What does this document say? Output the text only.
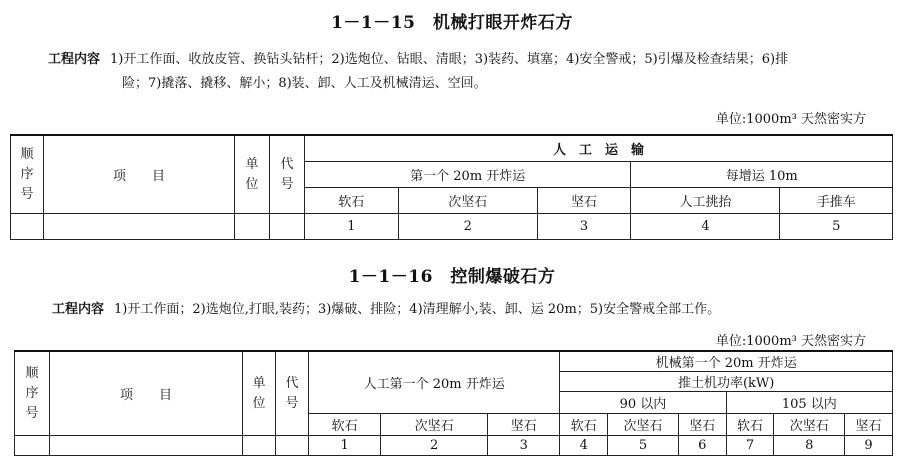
1－1－15　机械打眼开炸石方
工程内容 1)开工作面、收放皮管、换钻头钻杆；2)选炮位、钻眼、清眼；3)装药、填塞；4)安全警戒；5)引爆及检查结果；6)排
险；7)撬落、撬移、解小；8)装、卸、人工及机械清运、空回。
单位:1000m³ 天然密实方
顺
序
号	项　　目	单
位	代
号	人　工　运　输				
				第一个 20m 开炸运			每增运 10m	
				软石	次坚石	坚石	人工挑抬	手推车
				1	2	3	4	5
1－1－16　控制爆破石方
工程内容 1)开工作面；2)选炮位,打眼,装药；3)爆破、排险；4)清理解小,装、卸、运 20m；5)安全警戒全部工作。
单位:1000m³ 天然密实方
顺
序
号	项　　目	单
位	代
号	人工第一个 20m 开炸运			机械第一个 20m 开炸运					
							推土机功率(kW)					
							90 以内			105 以内		
				软石	次坚石	坚石	软石	次坚石	坚石	软石	次坚石	坚石
				1	2	3	4	5	6	7	8	9
